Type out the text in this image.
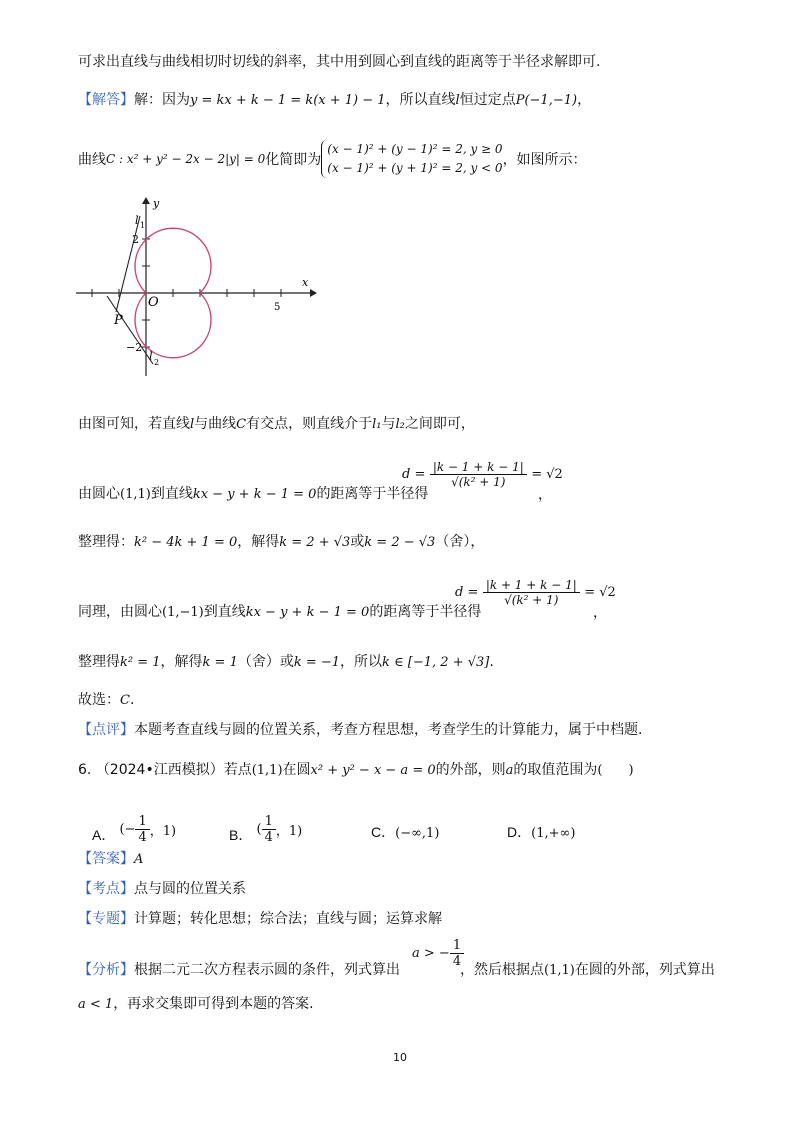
可求出直线与曲线相切时切线的斜率，其中用到圆心到直线的距离等于半径求解即可.
【解答】解：因为y = kx + k − 1 = k(x + 1) − 1，所以直线l恒过定点P(−1,−1)，
曲线C : x² + y² − 2x − 2|y| = 0化简即为
(x − 1)² + (y − 1)² = 2, y ≥ 0
(x − 1)² + (y + 1)² = 2, y < 0 ，如图所示：
y
x
O
P
2
−2
5
l 1
l 2
由图可知，若直线l与曲线C有交点，则直线介于l₁与l₂之间即可，
由圆心(1,1)到直线kx − y + k − 1 = 0的距离等于半径得
$d = \frac{|k - 1 + k - 1|}{\text{√(k² + 1)}} = √2$
，
整理得：k² − 4k + 1 = 0，解得k = 2 + √3或k = 2 − √3（舍），
同理，由圆心(1,−1)到直线kx − y + k − 1 = 0的距离等于半径得
$d = \frac{|k + 1 + k - 1|}{\text{√(k² + 1)}} = √2$
，
整理得k² = 1，解得k = 1（舍）或k = −1，所以k ∈ [−1, 2 + √3].
故选：C.
【点评】本题考查直线与圆的位置关系，考查方程思想，考查学生的计算能力，属于中档题.
6. （2024•江西模拟）若点(1,1)在圆x² + y² − x − a = 0的外部，则a的取值范围为(　　)
A． (− $\frac{1}{4}$ ，1)	B． ( $\frac{1}{4}$ ，1)	C．(−∞,1)	D．(1,+∞)
【答案】A
【考点】点与圆的位置关系
【专题】计算题；转化思想；综合法；直线与圆；运算求解
【分析】根据二元二次方程表示圆的条件，列式算出
a > − $\frac{1}{4}$
，然后根据点(1,1)在圆的外部，列式算出
a < 1，再求交集即可得到本题的答案.
10
